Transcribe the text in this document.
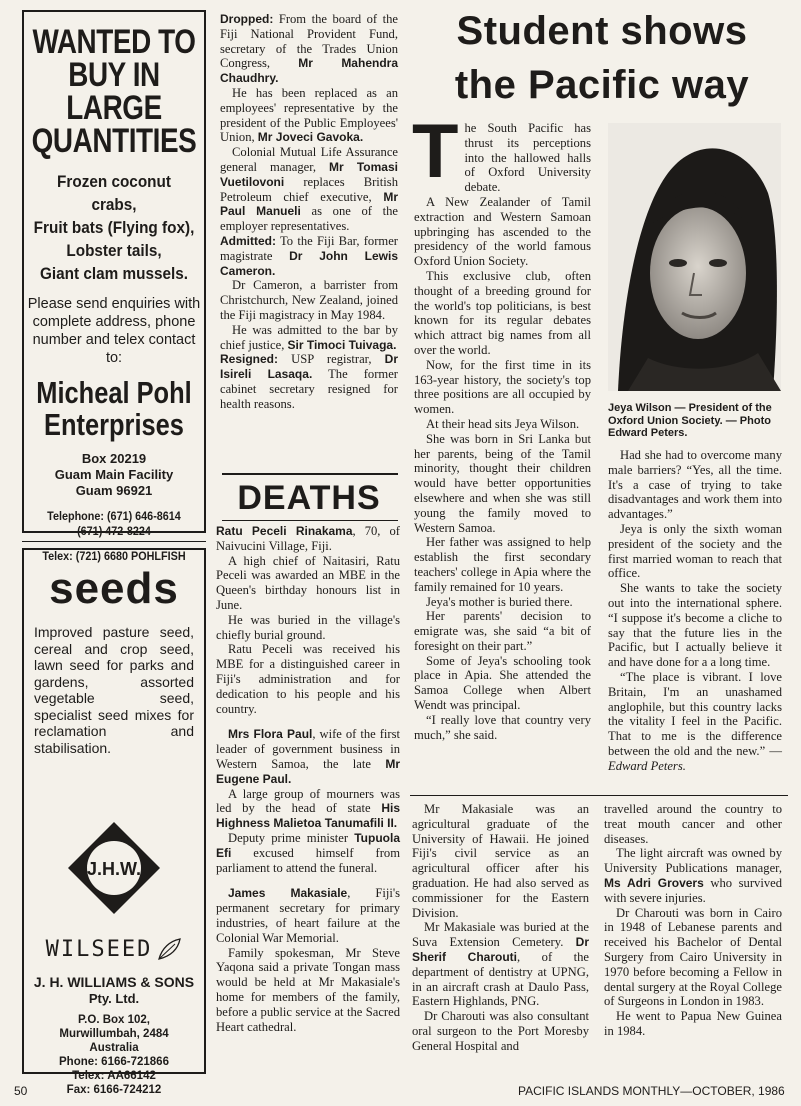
WANTED TO
BUY IN
LARGE
QUANTITIES
Frozen coconut crabs,
Fruit bats (Flying fox),
Lobster tails,
Giant clam mussels.
Please send enquiries with complete address, phone number and telex contact to:
Micheal Pohl
Enterprises
Box 20219
Guam Main Facility
Guam 96921
Telephone: (671) 646-8614
(671) 472-8224
Telex: (721) 6680 POHLFISH
seeds
Improved pasture seed, cereal and crop seed, lawn seed for parks and gardens, assorted vegetable seed, specialist seed mixes for reclamation and stabilisation.
J.H.W.
WILSEED
J. H. WILLIAMS & SONS
Pty. Ltd.
P.O. Box 102,
Murwillumbah, 2484
Australia
Phone: 6166-721866
Telex: AA66142
Fax: 6166-724212

Dropped: From the board of the Fiji National Provident Fund, secretary of the Trades Union Congress, Mr Mahendra Chaudhry.

He has been replaced as an employees' representative by the president of the Public Employees' Union, Mr Joveci Gavoka.

Colonial Mutual Life Assurance general manager, Mr Tomasi Vuetilovoni replaces British Petroleum chief executive, Mr Paul Manueli as one of the employer representatives.

Admitted: To the Fiji Bar, former magistrate Dr John Lewis Cameron.

Dr Cameron, a barrister from Christchurch, New Zealand, joined the Fiji magistracy in May 1984.

He was admitted to the bar by chief justice, Sir Timoci Tuivaga.

Resigned: USP registrar, Dr Isireli Lasaqa. The former cabinet secretary resigned for health reasons.

DEATHS

Ratu Peceli Rinakama, 70, of Naivucini Village, Fiji.

A high chief of Naitasiri, Ratu Peceli was awarded an MBE in the Queen's birthday honours list in June.

He was buried in the village's chiefly burial ground.

Ratu Peceli was received his MBE for a distinguished career in Fiji's administration and for dedication to his people and his country.

Mrs Flora Paul, wife of the first leader of government business in Western Samoa, the late Mr Eugene Paul.

A large group of mourners was led by the head of state His Highness Malietoa Tanumafili II.

Deputy prime minister Tupuola Efi excused himself from parliament to attend the funeral.

James Makasiale, Fiji's permanent secretary for primary industries, of heart failure at the Colonial War Memorial.

Family spokesman, Mr Steve Yaqona said a private Tongan mass would be held at Mr Makasiale's home for members of the family, before a public service at the Sacred Heart cathedral.

Student shows
the Pacific way

The South Pacific has thrust its perceptions into the hallowed halls of Oxford University debate.

A New Zealander of Tamil extraction and Western Samoan upbringing has ascended to the presidency of the world famous Oxford Union Society.

This exclusive club, often thought of a breeding ground for the world's top politicians, is best known for its regular debates which attract big names from all over the world.

Now, for the first time in its 163-year history, the society's top three positions are all occupied by women.

At their head sits Jeya Wilson.

She was born in Sri Lanka but her parents, being of the Tamil minority, thought their children would have better opportunities elsewhere and when she was still young the family moved to Western Samoa.

Her father was assigned to help establish the first secondary teachers' college in Apia where the family remained for 10 years.

Jeya's mother is buried there.

Her parents' decision to emigrate was, she said “a bit of foresight on their part.”

Some of Jeya's schooling took place in Apia. She attended the Samoa College when Albert Wendt was principal.

“I really love that country very much,” she said.

Jeya Wilson — President of the Oxford Union Society. — Photo Edward Peters.

Had she had to overcome many male barriers? “Yes, all the time. It's a case of trying to take disadvantages and work them into advantages.”

Jeya is only the sixth woman president of the society and the first married woman to reach that office.

She wants to take the society out into the international sphere. “I suppose it's become a cliche to say that the future lies in the Pacific, but I actually believe it and have done for a a long time.

“The place is vibrant. I love Britain, I'm an unashamed anglophile, but this country lacks the vitality I feel in the Pacific. That to me is the difference between the old and the new.” — Edward Peters.

Mr Makasiale was an agricultural graduate of the University of Hawaii. He joined Fiji's civil service as an agricultural officer after his graduation. He had also served as commissioner for the Eastern Division.

Mr Makasiale was buried at the Suva Extension Cemetery. Dr Sherif Charouti, of the department of dentistry at UPNG, in an aircraft crash at Daulo Pass, Eastern Highlands, PNG.

Dr Charouti was also consultant oral surgeon to the Port Moresby General Hospital and

travelled around the country to treat mouth cancer and other diseases.

The light aircraft was owned by University Publications manager, Ms Adri Grovers who survived with severe injuries.

Dr Charouti was born in Cairo in 1948 of Lebanese parents and received his Bachelor of Dental Surgery from Cairo University in 1970 before becoming a Fellow in dental surgery at the Royal College of Surgeons in London in 1983.

He went to Papua New Guinea in 1984.

50	PACIFIC ISLANDS MONTHLY—OCTOBER, 1986
